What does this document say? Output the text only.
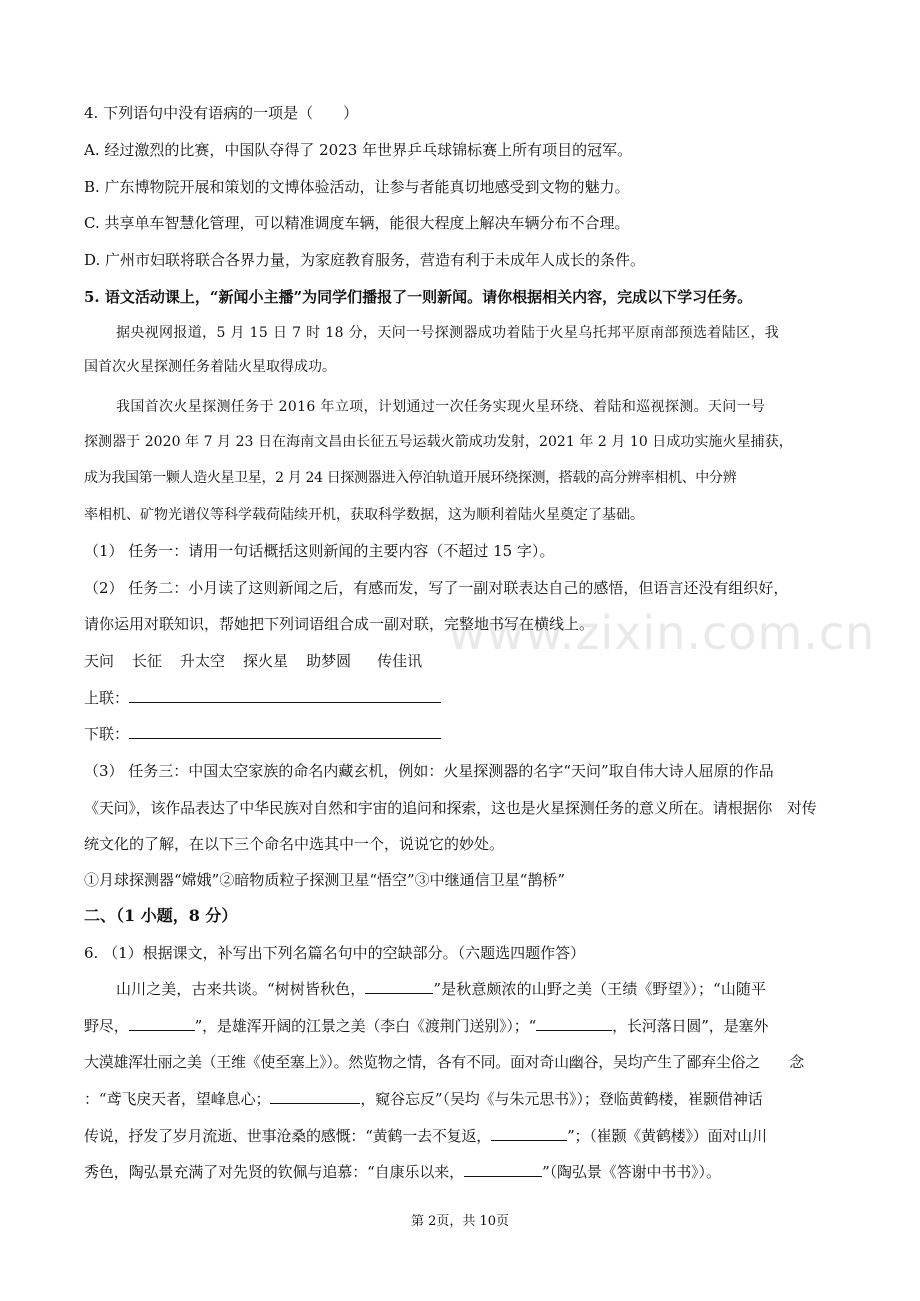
4. 下列语句中没有语病的一项是（　　）
A. 经过激烈的比赛，中国队夺得了 2023 年世界乒乓球锦标赛上所有项目的冠军。
B. 广东博物院开展和策划的文博体验活动，让参与者能真切地感受到文物的魅力。
C. 共享单车智慧化管理，可以精准调度车辆，能很大程度上解决车辆分布不合理。
D. 广州市妇联将联合各界力量，为家庭教育服务，营造有利于未成年人成长的条件。
5. 语文活动课上，“新闻小主播”为同学们播报了一则新闻。请你根据相关内容，完成以下学习任务。
据央视网报道，5 月 15 日 7 时 18 分，天问一号探测器成功着陆于火星乌托邦平原南部预选着陆区，我
国首次火星探测任务着陆火星取得成功。
我国首次火星探测任务于 2016 年立项，计划通过一次任务实现火星环绕、着陆和巡视探测。天问一号
探测器于 2020 年 7 月 23 日在海南文昌由长征五号运载火箭成功发射，2021 年 2 月 10 日成功实施火星捕获，
成为我国第一颗人造火星卫星，2 月 24 日探测器进入停泊轨道开展环绕探测，搭载的高分辨率相机、中分辨
率相机、矿物光谱仪等科学载荷陆续开机，获取科学数据，这为顺利着陆火星奠定了基础。
（1） 任务一：请用一句话概括这则新闻的主要内容（不超过 15 字）。
（2） 任务二：小月读了这则新闻之后，有感而发，写了一副对联表达自己的感悟，但语言还没有组织好，
请你运用对联知识，帮她把下列词语组合成一副对联，完整地书写在横线上。
天问 长征 升太空 探火星 助梦圆 传佳讯
上联：
下联：
（3） 任务三：中国太空家族的命名内藏玄机，例如：火星探测器的名字“天问”取自伟大诗人屈原的作品
《天问》，该作品表达了中华民族对自然和宇宙的追问和探索，这也是火星探测任务的意义所在。请根据你　对传
统文化的了解，在以下三个命名中选其中一个，说说它的妙处。
①月球探测器“嫦娥”②暗物质粒子探测卫星“悟空”③中继通信卫星“鹊桥”
二、（1 小题，8 分）
6. （1）根据课文，补写出下列名篇名句中的空缺部分。（六题选四题作答）
山川之美，古来共谈。“树树皆秋色，	”是秋意颇浓的山野之美（王绩《野望》）；“山随平
野尽，	”，是雄浑开阔的江景之美（李白《渡荆门送别》）；“	，长河落日圆”，是塞外
大漠雄浑壮丽之美（王维《使至塞上》）。然览物之情，各有不同。面对奇山幽谷，吴均产生了鄙弃尘俗之　　念
：“鸢飞戾天者，望峰息心；	，窥谷忘反”（吴均《与朱元思书》）；登临黄鹤楼，崔颢借神话
传说，抒发了岁月流逝、世事沧桑的感慨：“黄鹤一去不复返，	”；（崔颢《黄鹤楼》）面对山川
秀色，陶弘景充满了对先贤的钦佩与追慕：“自康乐以来，	”（陶弘景《答谢中书书》）。
www.zixin.com.cn
第 2页，共 10页
